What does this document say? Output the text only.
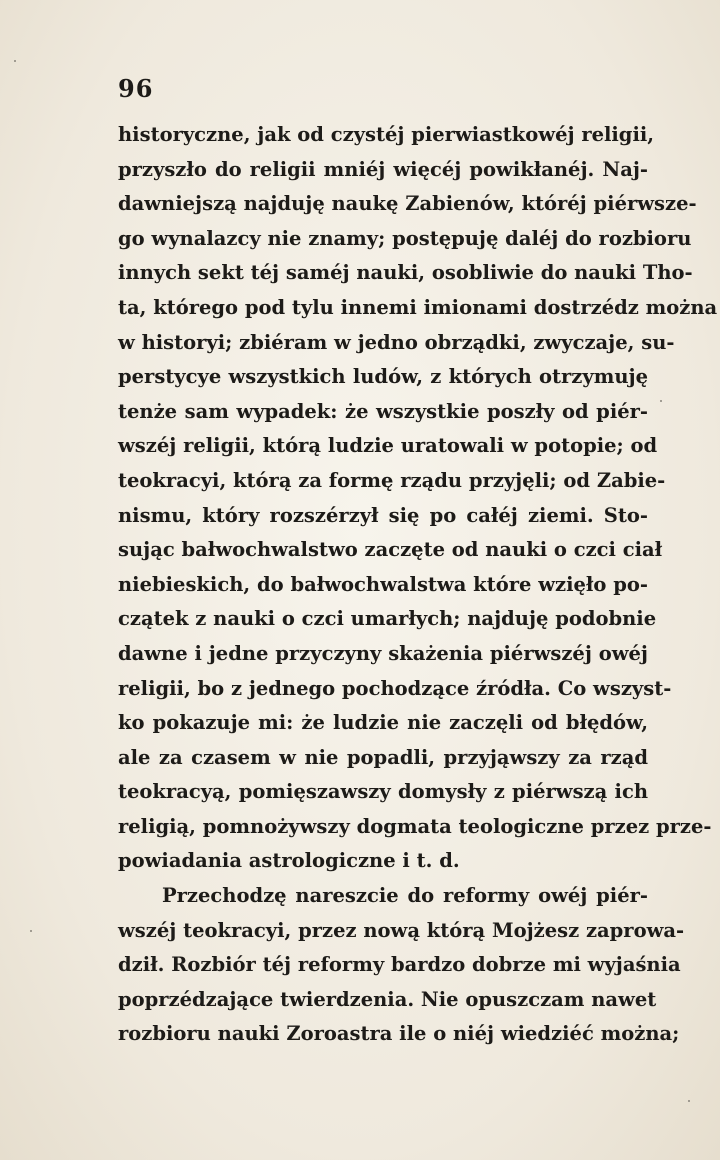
96
historyczne, jak od czystéj pierwiastkowéj religii,
przyszło do religii mniéj więcéj powikłanéj. Naj-
dawniejszą najduję naukę Zabienów, któréj piérwsze-
go wynalazcy nie znamy; postępuję daléj do rozbioru
innych sekt téj saméj nauki, osobliwie do nauki Tho-
ta, którego pod tylu innemi imionami dostrzédz można
w historyi; zbiéram w jedno obrządki, zwyczaje, su-
perstycye wszystkich ludów, z których otrzymuję
tenże sam wypadek: że wszystkie poszły od piér-
wszéj religii, którą ludzie uratowali w potopie; od
teokracyi, którą za formę rządu przyjęli; od Zabie-
nismu, który rozszérzył się po całéj ziemi. Sto-
sując bałwochwalstwo zaczęte od nauki o czci ciał
niebieskich, do bałwochwalstwa które wzięło po-
czątek z nauki o czci umarłych; najduję podobnie
dawne i jedne przyczyny skażenia piérwszéj owéj
religii, bo z jednego pochodzące źródła. Co wszyst-
ko pokazuje mi: że ludzie nie zaczęli od błędów,
ale za czasem w nie popadli, przyjąwszy za rząd
teokracyą, pomięszawszy domysły z piérwszą ich
religią, pomnożywszy dogmata teologiczne przez prze-
powiadania astrologiczne i t. d.
Przechodzę nareszcie do reformy owéj piér-
wszéj teokracyi, przez nową którą Mojżesz zaprowa-
dził. Rozbiór téj reformy bardzo dobrze mi wyjaśnia
poprzédzające twierdzenia. Nie opuszczam nawet
rozbioru nauki Zoroastra ile o niéj wiedziéć można;
